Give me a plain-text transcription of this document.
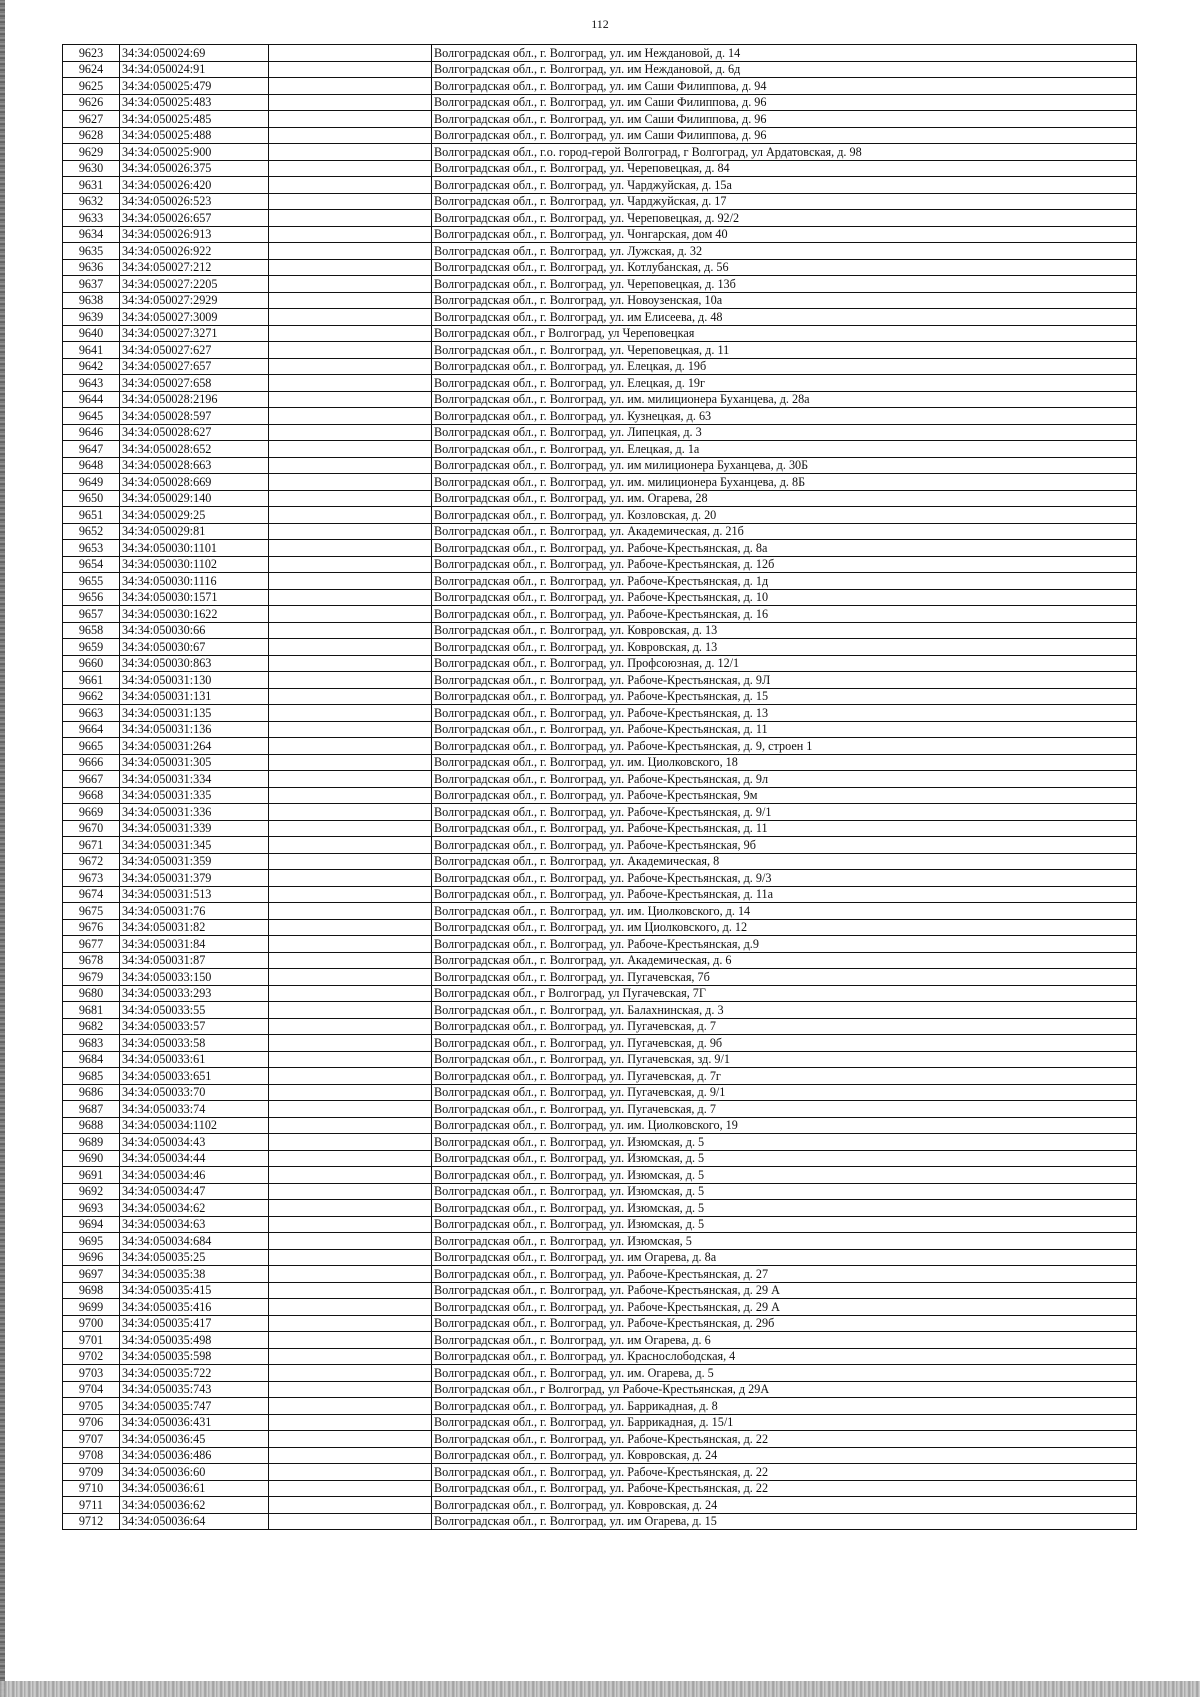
112
9623	34:34:050024:69		Волгоградская обл., г. Волгоград, ул. им Неждановой, д. 14
9624	34:34:050024:91		Волгоградская обл., г. Волгоград, ул. им Неждановой, д. 6д
9625	34:34:050025:479		Волгоградская обл., г. Волгоград, ул. им Саши Филиппова, д. 94
9626	34:34:050025:483		Волгоградская обл., г. Волгоград, ул. им Саши Филиппова, д. 96
9627	34:34:050025:485		Волгоградская обл., г. Волгоград, ул. им Саши Филиппова, д. 96
9628	34:34:050025:488		Волгоградская обл., г. Волгоград, ул. им Саши Филиппова, д. 96
9629	34:34:050025:900		Волгоградская обл., г.о. город-герой Волгоград, г Волгоград, ул Ардатовская, д. 98
9630	34:34:050026:375		Волгоградская обл., г. Волгоград, ул. Череповецкая, д. 84
9631	34:34:050026:420		Волгоградская обл., г. Волгоград, ул. Чарджуйская, д. 15а
9632	34:34:050026:523		Волгоградская обл., г. Волгоград, ул. Чарджуйская, д. 17
9633	34:34:050026:657		Волгоградская обл., г. Волгоград, ул. Череповецкая, д. 92/2
9634	34:34:050026:913		Волгоградская обл., г. Волгоград, ул. Чонгарская, дом 40
9635	34:34:050026:922		Волгоградская обл., г. Волгоград, ул. Лужская, д. 32
9636	34:34:050027:212		Волгоградская обл., г. Волгоград, ул. Котлубанская, д. 56
9637	34:34:050027:2205		Волгоградская обл., г. Волгоград, ул. Череповецкая, д. 13б
9638	34:34:050027:2929		Волгоградская обл., г. Волгоград, ул. Новоузенская, 10а
9639	34:34:050027:3009		Волгоградская обл., г. Волгоград, ул. им Елисеева, д. 48
9640	34:34:050027:3271		Волгоградская обл., г Волгоград, ул Череповецкая
9641	34:34:050027:627		Волгоградская обл., г. Волгоград, ул. Череповецкая, д. 11
9642	34:34:050027:657		Волгоградская обл., г. Волгоград, ул. Елецкая, д. 19б
9643	34:34:050027:658		Волгоградская обл., г. Волгоград, ул. Елецкая, д. 19г
9644	34:34:050028:2196		Волгоградская обл., г. Волгоград, ул. им. милиционера Буханцева, д. 28а
9645	34:34:050028:597		Волгоградская обл., г. Волгоград, ул. Кузнецкая, д. 63
9646	34:34:050028:627		Волгоградская обл., г. Волгоград, ул. Липецкая, д. 3
9647	34:34:050028:652		Волгоградская обл., г. Волгоград, ул. Елецкая, д. 1а
9648	34:34:050028:663		Волгоградская обл., г. Волгоград, ул. им милиционера Буханцева, д. 30Б
9649	34:34:050028:669		Волгоградская обл., г. Волгоград, ул. им. милиционера Буханцева, д. 8Б
9650	34:34:050029:140		Волгоградская обл., г. Волгоград, ул. им. Огарева, 28
9651	34:34:050029:25		Волгоградская обл., г. Волгоград, ул. Козловская, д. 20
9652	34:34:050029:81		Волгоградская обл., г. Волгоград, ул. Академическая, д. 21б
9653	34:34:050030:1101		Волгоградская обл., г. Волгоград, ул. Рабоче-Крестьянская, д. 8а
9654	34:34:050030:1102		Волгоградская обл., г. Волгоград, ул. Рабоче-Крестьянская, д. 12б
9655	34:34:050030:1116		Волгоградская обл., г. Волгоград, ул. Рабоче-Крестьянская, д. 1д
9656	34:34:050030:1571		Волгоградская обл., г. Волгоград, ул. Рабоче-Крестьянская, д. 10
9657	34:34:050030:1622		Волгоградская обл., г. Волгоград, ул. Рабоче-Крестьянская, д. 16
9658	34:34:050030:66		Волгоградская обл., г. Волгоград, ул. Ковровская, д. 13
9659	34:34:050030:67		Волгоградская обл., г. Волгоград, ул. Ковровская, д. 13
9660	34:34:050030:863		Волгоградская обл., г. Волгоград, ул. Профсоюзная, д. 12/1
9661	34:34:050031:130		Волгоградская обл., г. Волгоград, ул. Рабоче-Крестьянская, д. 9Л
9662	34:34:050031:131		Волгоградская обл., г. Волгоград, ул. Рабоче-Крестьянская, д. 15
9663	34:34:050031:135		Волгоградская обл., г. Волгоград, ул. Рабоче-Крестьянская, д. 13
9664	34:34:050031:136		Волгоградская обл., г. Волгоград, ул. Рабоче-Крестьянская, д. 11
9665	34:34:050031:264		Волгоградская обл., г. Волгоград, ул. Рабоче-Крестьянская, д. 9, строен 1
9666	34:34:050031:305		Волгоградская обл., г. Волгоград, ул. им. Циолковского, 18
9667	34:34:050031:334		Волгоградская обл., г. Волгоград, ул. Рабоче-Крестьянская, д. 9л
9668	34:34:050031:335		Волгоградская обл., г. Волгоград, ул. Рабоче-Крестьянская, 9м
9669	34:34:050031:336		Волгоградская обл., г. Волгоград, ул. Рабоче-Крестьянская, д. 9/1
9670	34:34:050031:339		Волгоградская обл., г. Волгоград, ул. Рабоче-Крестьянская, д. 11
9671	34:34:050031:345		Волгоградская обл., г. Волгоград, ул. Рабоче-Крестьянская, 9б
9672	34:34:050031:359		Волгоградская обл., г. Волгоград, ул. Академическая, 8
9673	34:34:050031:379		Волгоградская обл., г. Волгоград, ул. Рабоче-Крестьянская, д. 9/3
9674	34:34:050031:513		Волгоградская обл., г. Волгоград, ул. Рабоче-Крестьянская, д. 11а
9675	34:34:050031:76		Волгоградская обл., г. Волгоград, ул. им. Циолковского, д. 14
9676	34:34:050031:82		Волгоградская обл., г. Волгоград, ул. им Циолковского, д. 12
9677	34:34:050031:84		Волгоградская обл., г. Волгоград, ул. Рабоче-Крестьянская, д.9
9678	34:34:050031:87		Волгоградская обл., г. Волгоград, ул. Академическая, д. 6
9679	34:34:050033:150		Волгоградская обл., г. Волгоград, ул. Пугачевская, 7б
9680	34:34:050033:293		Волгоградская обл., г Волгоград, ул Пугачевская, 7Г
9681	34:34:050033:55		Волгоградская обл., г. Волгоград, ул. Балахнинская, д. 3
9682	34:34:050033:57		Волгоградская обл., г. Волгоград, ул. Пугачевская, д. 7
9683	34:34:050033:58		Волгоградская обл., г. Волгоград, ул. Пугачевская, д. 9б
9684	34:34:050033:61		Волгоградская обл., г. Волгоград, ул. Пугачевская, зд. 9/1
9685	34:34:050033:651		Волгоградская обл., г. Волгоград, ул. Пугачевская, д. 7г
9686	34:34:050033:70		Волгоградская обл., г. Волгоград, ул. Пугачевская, д. 9/1
9687	34:34:050033:74		Волгоградская обл., г. Волгоград, ул. Пугачевская, д. 7
9688	34:34:050034:1102		Волгоградская обл., г. Волгоград, ул. им. Циолковского, 19
9689	34:34:050034:43		Волгоградская обл., г. Волгоград, ул. Изюмская, д. 5
9690	34:34:050034:44		Волгоградская обл., г. Волгоград, ул. Изюмская, д. 5
9691	34:34:050034:46		Волгоградская обл., г. Волгоград, ул. Изюмская, д. 5
9692	34:34:050034:47		Волгоградская обл., г. Волгоград, ул. Изюмская, д. 5
9693	34:34:050034:62		Волгоградская обл., г. Волгоград, ул. Изюмская, д. 5
9694	34:34:050034:63		Волгоградская обл., г. Волгоград, ул. Изюмская, д. 5
9695	34:34:050034:684		Волгоградская обл., г. Волгоград, ул. Изюмская, 5
9696	34:34:050035:25		Волгоградская обл., г. Волгоград, ул. им Огарева, д. 8а
9697	34:34:050035:38		Волгоградская обл., г. Волгоград, ул. Рабоче-Крестьянская, д. 27
9698	34:34:050035:415		Волгоградская обл., г. Волгоград, ул. Рабоче-Крестьянская, д. 29 А
9699	34:34:050035:416		Волгоградская обл., г. Волгоград, ул. Рабоче-Крестьянская, д. 29 А
9700	34:34:050035:417		Волгоградская обл., г. Волгоград, ул. Рабоче-Крестьянская, д. 29б
9701	34:34:050035:498		Волгоградская обл., г. Волгоград, ул. им Огарева, д. 6
9702	34:34:050035:598		Волгоградская обл., г. Волгоград, ул. Краснослободская, 4
9703	34:34:050035:722		Волгоградская обл., г. Волгоград, ул. им. Огарева, д. 5
9704	34:34:050035:743		Волгоградская обл., г Волгоград, ул Рабоче-Крестьянская, д 29А
9705	34:34:050035:747		Волгоградская обл., г. Волгоград, ул. Баррикадная, д. 8
9706	34:34:050036:431		Волгоградская обл., г. Волгоград, ул. Баррикадная, д. 15/1
9707	34:34:050036:45		Волгоградская обл., г. Волгоград, ул. Рабоче-Крестьянская, д. 22
9708	34:34:050036:486		Волгоградская обл., г. Волгоград, ул. Ковровская, д. 24
9709	34:34:050036:60		Волгоградская обл., г. Волгоград, ул. Рабоче-Крестьянская, д. 22
9710	34:34:050036:61		Волгоградская обл., г. Волгоград, ул. Рабоче-Крестьянская, д. 22
9711	34:34:050036:62		Волгоградская обл., г. Волгоград, ул. Ковровская, д. 24
9712	34:34:050036:64		Волгоградская обл., г. Волгоград, ул. им Огарева, д. 15
